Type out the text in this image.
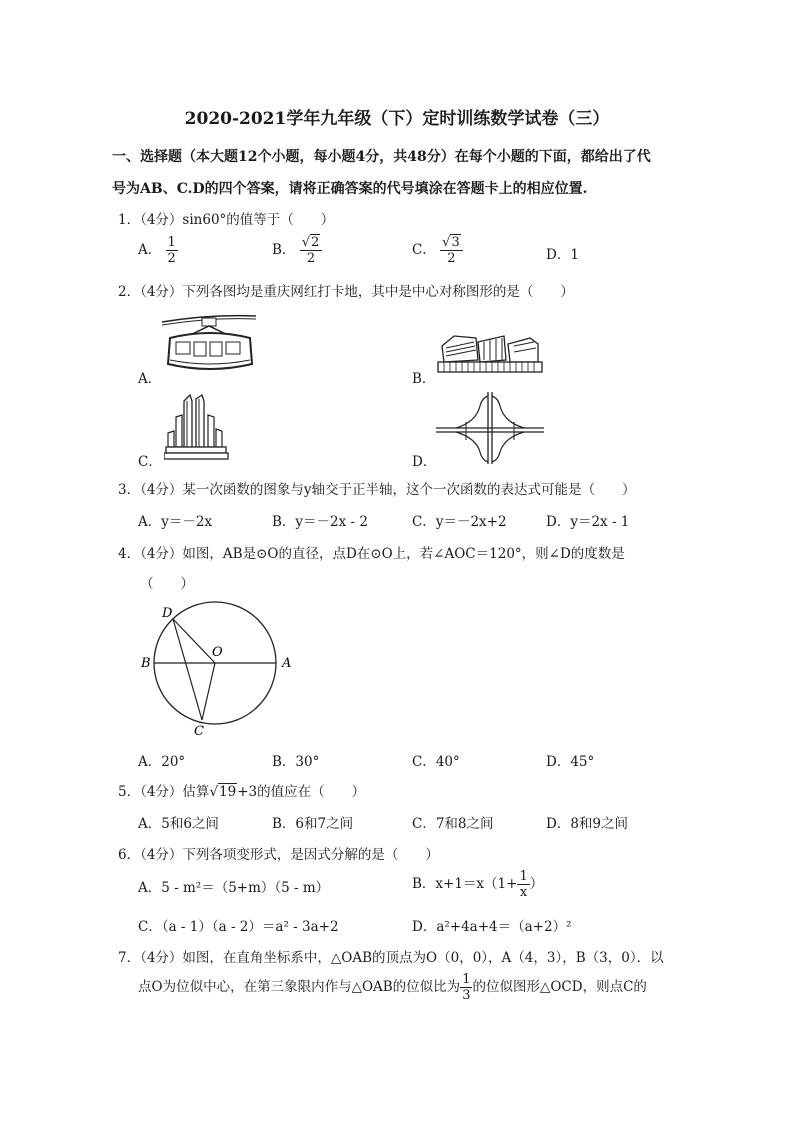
2020-2021学年九年级（下）定时训练数学试卷（三）
一、选择题（本大题12个小题，每小题4分，共48分）在每个小题的下面，都给出了代
号为AB、C.D的四个答案，请将正确答案的代号填涂在答题卡上的相应位置.
1．（4分）sin60°的值等于（　　）
A． $\frac{1}{2}$	B． $\frac{√2}{2}$	C． $\frac{√3}{2}$	D．1
2．（4分）下列各图均是重庆网红打卡地，其中是中心对称图形的是（　　）
A．	B．
C．	D．
3．（4分）某一次函数的图象与y轴交于正半轴，这个一次函数的表达式可能是（　　）
A．y＝－2x	B．y＝－2x - 2	C．y＝－2x+2	D．y＝2x - 1
4．（4分）如图，AB是⊙O的直径，点D在⊙O上，若∠AOC＝120°，则∠D的度数是
（　　）
D
B
O
A
C
A．20°	B．30°	C．40°	D．45°
5．（4分）估算√19+3的值应在（　　）
A．5和6之间	B．6和7之间	C．7和8之间	D．8和9之间
6．（4分）下列各项变形式，是因式分解的是（　　）
A．5 - m²＝（5+m）（5 - m）	B．$x+1=x(1+ \frac{1}{x}$ ）
C．（a - 1）（a - 2）＝a² - 3a+2	D．a²+4a+4＝（a+2）²
7．（4分）如图，在直角坐标系中，△OAB的顶点为O（0，0），A（4，3），B（3，0）．以
点O为位似中心，在第三象限内作与△OAB的位似比为 $\frac{1}{3}$ 的位似图形△OCD，则点C的
